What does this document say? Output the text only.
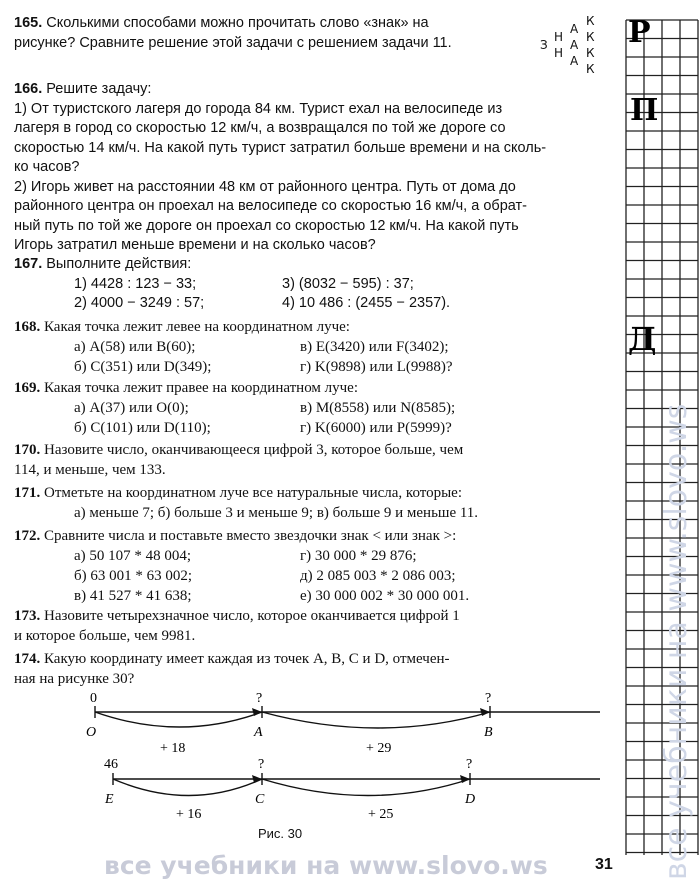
Р
П
Д
все учебники на www.slovo.ws
З
Н
Н
А
А
А
К
К
К
К
165. Сколькими способами можно прочитать слово «знак» на
рисунке? Сравните решение этой задачи с решением задачи 11.
166. Решите задачу:
1) От туристского лагеря до города 84 км. Турист ехал на велосипеде из
лагеря в город со скоростью 12 км/ч, а возвращался по той же дороге со
скоростью 14 км/ч. На какой путь турист затратил больше времени и на сколь-
ко часов?
2) Игорь живет на расстоянии 48 км от районного центра. Путь от дома до
районного центра он проехал на велосипеде со скоростью 16 км/ч, а обрат-
ный путь по той же дороге он проехал со скоростью 12 км/ч. На какой путь
Игорь затратил меньше времени и на сколько часов?
167. Выполните действия:
1) 4428 : 123 − 33;	3) (8032 − 595) : 37;
2) 4000 − 3249 : 57;	4) 10 486 : (2455 − 2357).
168. Какая точка лежит левее на координатном луче:
а) A(58) или B(60);	в) E(3420) или F(3402);
б) C(351) или D(349);	г) K(9898) или L(9988)?
169. Какая точка лежит правее на координатном луче:
а) A(37) или O(0);	в) M(8558) или N(8585);
б) C(101) или D(110);	г) K(6000) или P(5999)?
170. Назовите число, оканчивающееся цифрой 3, которое больше, чем
114, и меньше, чем 133.
171. Отметьте на координатном луче все натуральные числа, которые:
а) меньше 7; б) больше 3 и меньше 9; в) больше 9 и меньше 11.
172. Сравните числа и поставьте вместо звездочки знак < или знак >:
а) 50 107 * 48 004;	г) 30 000 * 29 876;
б) 63 001 * 63 002;	д) 2 085 003 * 2 086 003;
в) 41 527 * 41 638;	е) 30 000 002 * 30 000 001.
173. Назовите четырехзначное число, которое оканчивается цифрой 1
и которое больше, чем 9981.
174. Какую координату имеет каждая из точек A, B, C и D, отмечен-
ная на рисунке 30?
0
O
?
A
?
B
+ 18	+ 29
46
E
?
C
?
D
+ 16	+ 25
Рис. 30
все учебники на www.slovo.ws	31
